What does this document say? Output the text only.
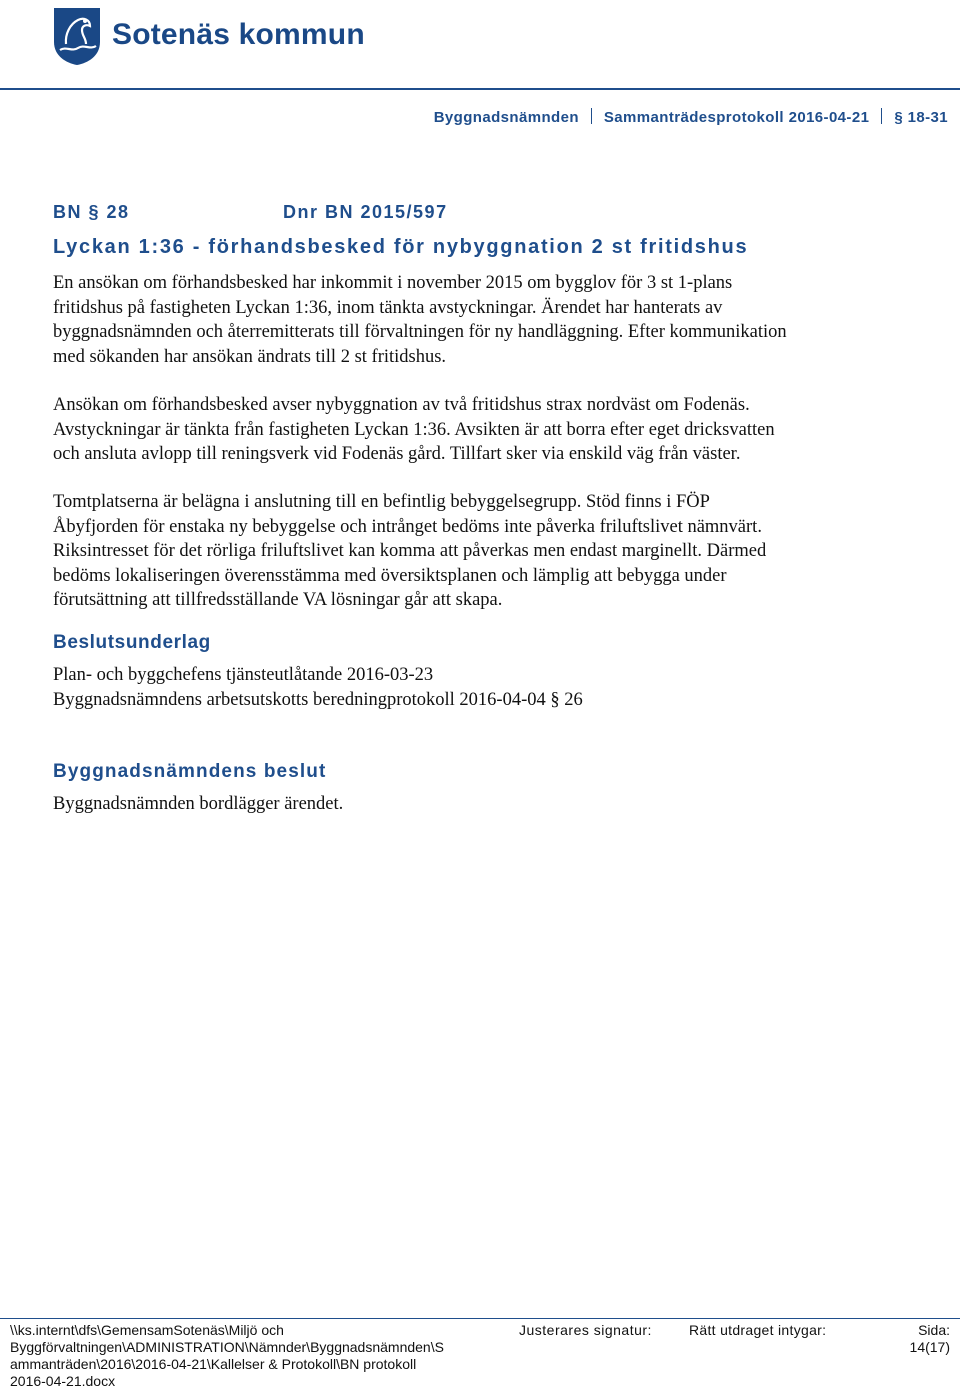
Sotenäs kommun
Byggnadsnämnden Sammanträdesprotokoll 2016-04-21 § 18-31
BN § 28	Dnr BN 2015/597
Lyckan 1:36 - förhandsbesked för nybyggnation 2 st fritidshus

En ansökan om förhandsbesked har inkommit i november 2015 om bygglov för 3 st 1-plans

fritidshus på fastigheten Lyckan 1:36, inom tänkta avstyckningar. Ärendet har hanterats av

byggnadsnämnden och återremitterats till förvaltningen för ny handläggning. Efter kommunikation

med sökanden har ansökan ändrats till 2 st fritidshus.

Ansökan om förhandsbesked avser nybyggnation av två fritidshus strax nordväst om Fodenäs.

Avstyckningar är tänkta från fastigheten Lyckan 1:36. Avsikten är att borra efter eget dricksvatten

och ansluta avlopp till reningsverk vid Fodenäs gård. Tillfart sker via enskild väg från väster.

Tomtplatserna är belägna i anslutning till en befintlig bebyggelsegrupp. Stöd finns i FÖP

Åbyfjorden för enstaka ny bebyggelse och intrånget bedöms inte påverka friluftslivet nämnvärt.

Riksintresset för det rörliga friluftslivet kan komma att påverkas men endast marginellt. Därmed

bedöms lokaliseringen överensstämma med översiktsplanen och lämplig att bebygga under

förutsättning att tillfredsställande VA lösningar går att skapa.

Beslutsunderlag
Plan- och byggchefens tjänsteutlåtande 2016-03-23
Byggnadsnämndens arbetsutskotts beredningprotokoll 2016-04-04 § 26
Byggnadsnämndens beslut
Byggnadsnämnden bordlägger ärendet.
\\ks.internt\dfs\GemensamSotenäs\Miljö och
Byggförvaltningen\ADMINISTRATION\Nämnder\Byggnadsnämnden\S
ammanträden\2016\2016-04-21\Kallelser & Protokoll\BN protokoll
2016-04-21.docx
Justerares signatur:	Rätt utdraget intygar:	Sida:
14(17)
